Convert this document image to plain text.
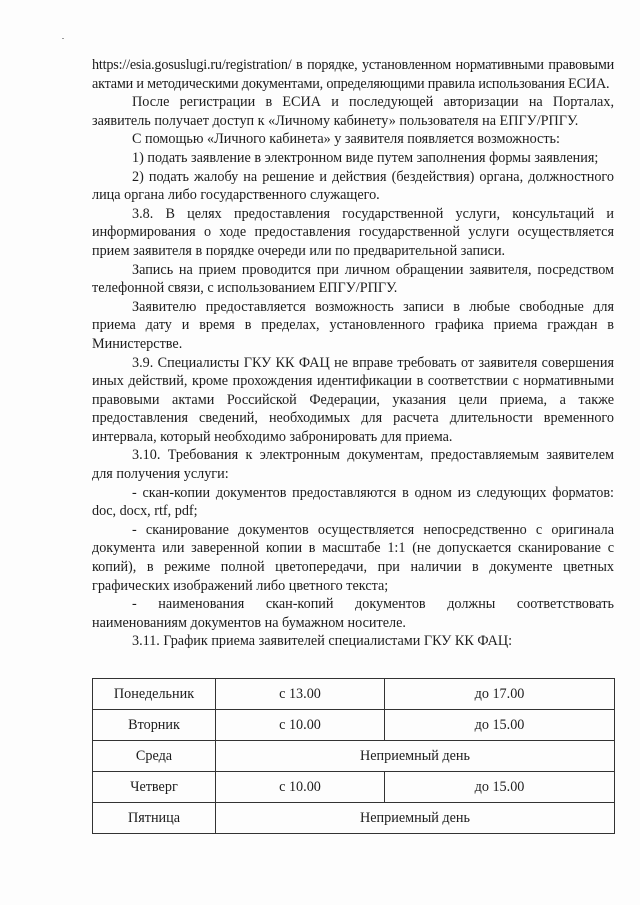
https://esia.gosuslugi.ru/registration/ в порядке, установленном нормативными правовыми актами и методическими документами, определяющими правила использования ЕСИА.

После регистрации в ЕСИА и последующей авторизации на Порталах, заявитель получает доступ к «Личному кабинету» пользователя на ЕПГУ/РПГУ.

С помощью «Личного кабинета» у заявителя появляется возможность:

1) подать заявление в электронном виде путем заполнения формы заявления;

2) подать жалобу на решение и действия (бездействия) органа, должностного лица органа либо государственного служащего.

3.8. В целях предоставления государственной услуги, консультаций и информирования о ходе предоставления государственной услуги осуществляется прием заявителя в порядке очереди или по предварительной записи.

Запись на прием проводится при личном обращении заявителя, посредством телефонной связи, с использованием ЕПГУ/РПГУ.

Заявителю предоставляется возможность записи в любые свободные для приема дату и время в пределах, установленного графика приема граждан в Министерстве.

3.9. Специалисты ГКУ КК ФАЦ не вправе требовать от заявителя совершения иных действий, кроме прохождения идентификации в соответствии с нормативными правовыми актами Российской Федерации, указания цели приема, а также предоставления сведений, необходимых для расчета длительности временного интервала, который необходимо забронировать для приема.

3.10. Требования к электронным документам, предоставляемым заявителем для получения услуги:

- скан-копии документов предоставляются в одном из следующих форматов: doc, docx, rtf, pdf;

- сканирование документов осуществляется непосредственно с оригинала документа или заверенной копии в масштабе 1:1 (не допускается сканирование с копий), в режиме полной цветопередачи, при наличии в документе цветных графических изображений либо цветного текста;

- наименования скан-копий документов должны соответствовать наименованиям документов на бумажном носителе.

3.11. График приема заявителей специалистами ГКУ КК ФАЦ:

Понедельник	с 13.00	до 17.00
Вторник	с 10.00	до 15.00
Среда	Неприемный день	
Четверг	с 10.00	до 15.00
Пятница	Неприемный день	
